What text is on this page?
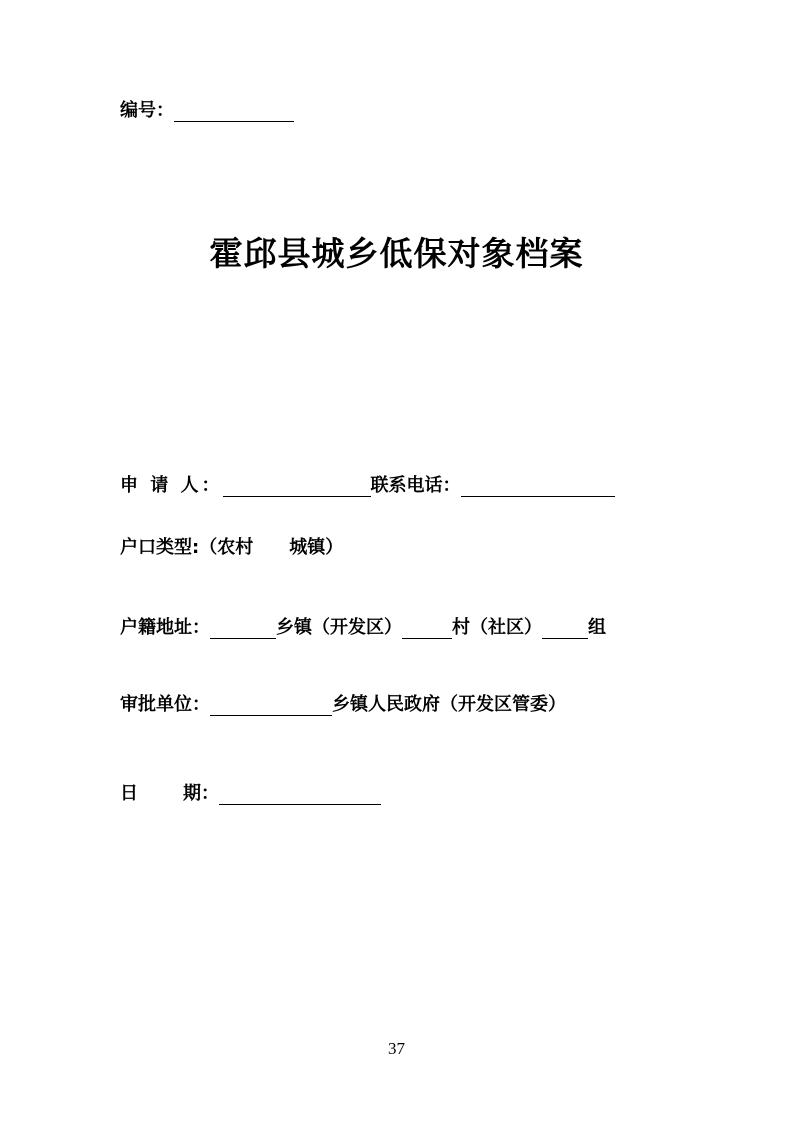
编号：
霍邱县城乡低保对象档案
申 请 人：	联系电话：
户口类型:（农村 城镇）
户籍地址：	乡镇（开发区）	村（社区）	组
审批单位：	乡镇人民政府（开发区管委）
日	期：
37
